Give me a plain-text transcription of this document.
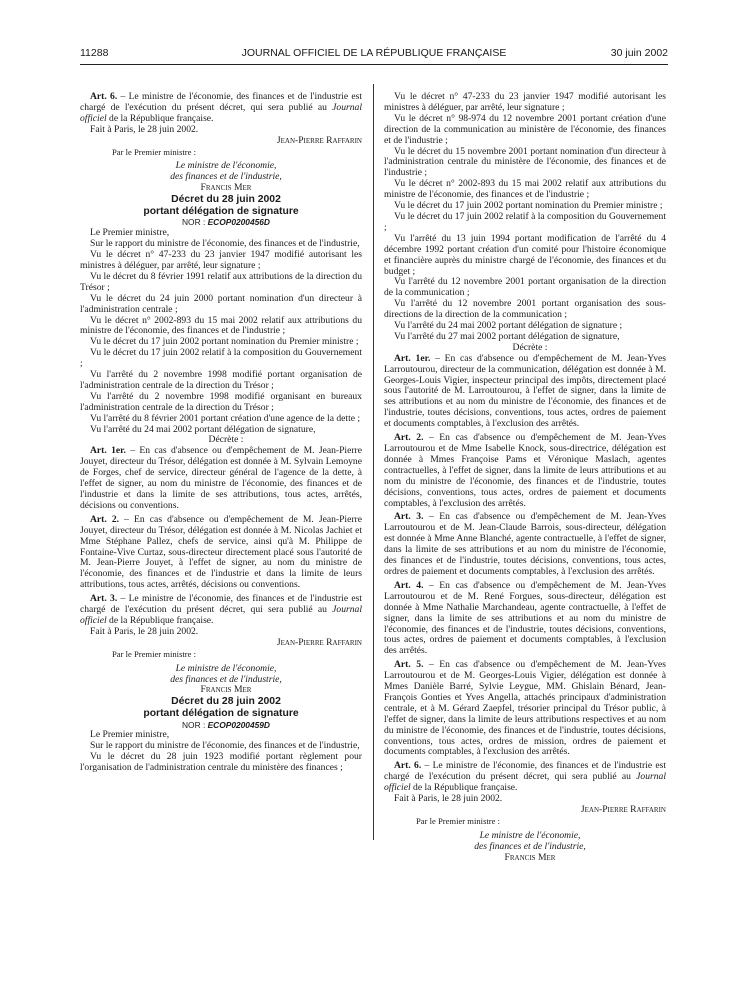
11288	JOURNAL OFFICIEL DE LA RÉPUBLIQUE FRANÇAISE	30 juin 2002

Art. 6. – Le ministre de l'économie, des finances et de l'industrie est chargé de l'exécution du présent décret, qui sera publié au Journal officiel de la République française.

Fait à Paris, le 28 juin 2002.

Jean-Pierre Raffarin

Par le Premier ministre :

Le ministre de l'économie,

des finances et de l'industrie,

Francis Mer

Décret du 28 juin 2002
portant délégation de signature

NOR : ECOP0200456D

Le Premier ministre,

Sur le rapport du ministre de l'économie, des finances et de l'industrie,

Vu le décret n° 47-233 du 23 janvier 1947 modifié autorisant les ministres à déléguer, par arrêté, leur signature ;

Vu le décret du 8 février 1991 relatif aux attributions de la direction du Trésor ;

Vu le décret du 24 juin 2000 portant nomination d'un directeur à l'administration centrale ;

Vu le décret n° 2002-893 du 15 mai 2002 relatif aux attributions du ministre de l'économie, des finances et de l'industrie ;

Vu le décret du 17 juin 2002 portant nomination du Premier ministre ;

Vu le décret du 17 juin 2002 relatif à la composition du Gouvernement ;

Vu l'arrêté du 2 novembre 1998 modifié portant organisation de l'administration centrale de la direction du Trésor ;

Vu l'arrêté du 2 novembre 1998 modifié organisant en bureaux l'administration centrale de la direction du Trésor ;

Vu l'arrêté du 8 février 2001 portant création d'une agence de la dette ;

Vu l'arrêté du 24 mai 2002 portant délégation de signature,

Décrète :

Art. 1er. – En cas d'absence ou d'empêchement de M. Jean-Pierre Jouyet, directeur du Trésor, délégation est donnée à M. Sylvain Lemoyne de Forges, chef de service, directeur général de l'agence de la dette, à l'effet de signer, au nom du ministre de l'économie, des finances et de l'industrie et dans la limite de ses attributions, tous actes, arrêtés, décisions ou conventions.

Art. 2. – En cas d'absence ou d'empêchement de M. Jean-Pierre Jouyet, directeur du Trésor, délégation est donnée à M. Nicolas Jachiet et Mme Stéphane Pallez, chefs de service, ainsi qu'à M. Philippe de Fontaine-Vive Curtaz, sous-directeur directement placé sous l'autorité de M. Jean-Pierre Jouyet, à l'effet de signer, au nom du ministre de l'économie, des finances et de l'industrie et dans la limite de leurs attributions, tous actes, arrêtés, décisions ou conventions.

Art. 3. – Le ministre de l'économie, des finances et de l'industrie est chargé de l'exécution du présent décret, qui sera publié au Journal officiel de la République française.

Fait à Paris, le 28 juin 2002.

Jean-Pierre Raffarin

Par le Premier ministre :

Le ministre de l'économie,

des finances et de l'industrie,

Francis Mer

Décret du 28 juin 2002
portant délégation de signature

NOR : ECOP0200459D

Le Premier ministre,

Sur le rapport du ministre de l'économie, des finances et de l'industrie,

Vu le décret du 28 juin 1923 modifié portant règlement pour l'organisation de l'administration centrale du ministère des finances ;

Vu le décret n° 47-233 du 23 janvier 1947 modifié autorisant les ministres à déléguer, par arrêté, leur signature ;

Vu le décret n° 98-974 du 12 novembre 2001 portant création d'une direction de la communication au ministère de l'économie, des finances et de l'industrie ;

Vu le décret du 15 novembre 2001 portant nomination d'un directeur à l'administration centrale du ministère de l'économie, des finances et de l'industrie ;

Vu le décret n° 2002-893 du 15 mai 2002 relatif aux attributions du ministre de l'économie, des finances et de l'industrie ;

Vu le décret du 17 juin 2002 portant nomination du Premier ministre ;

Vu le décret du 17 juin 2002 relatif à la composition du Gouvernement ;

Vu l'arrêté du 13 juin 1994 portant modification de l'arrêté du 4 décembre 1992 portant création d'un comité pour l'histoire économique et financière auprès du ministre chargé de l'économie, des finances et du budget ;

Vu l'arrêté du 12 novembre 2001 portant organisation de la direction de la communication ;

Vu l'arrêté du 12 novembre 2001 portant organisation des sous-directions de la direction de la communication ;

Vu l'arrêté du 24 mai 2002 portant délégation de signature ;

Vu l'arrêté du 27 mai 2002 portant délégation de signature,

Décrète :

Art. 1er. – En cas d'absence ou d'empêchement de M. Jean-Yves Larroutourou, directeur de la communication, délégation est donnée à M. Georges-Louis Vigier, inspecteur principal des impôts, directement placé sous l'autorité de M. Larroutourou, à l'effet de signer, dans la limite de ses attributions et au nom du ministre de l'économie, des finances et de l'industrie, toutes décisions, conventions, tous actes, ordres de paiement et documents comptables, à l'exclusion des arrêtés.

Art. 2. – En cas d'absence ou d'empêchement de M. Jean-Yves Larroutourou et de Mme Isabelle Knock, sous-directrice, délégation est donnée à Mmes Françoise Pams et Véronique Maslach, agentes contractuelles, à l'effet de signer, dans la limite de leurs attributions et au nom du ministre de l'économie, des finances et de l'industrie, toutes décisions, conventions, tous actes, ordres de paiement et documents comptables, à l'exclusion des arrêtés.

Art. 3. – En cas d'absence ou d'empêchement de M. Jean-Yves Larroutourou et de M. Jean-Claude Barrois, sous-directeur, délégation est donnée à Mme Anne Blanché, agente contractuelle, à l'effet de signer, dans la limite de ses attributions et au nom du ministre de l'économie, des finances et de l'industrie, toutes décisions, conventions, tous actes, ordres de paiement et documents comptables, à l'exclusion des arrêtés.

Art. 4. – En cas d'absence ou d'empêchement de M. Jean-Yves Larroutourou et de M. René Forgues, sous-directeur, délégation est donnée à Mme Nathalie Marchandeau, agente contractuelle, à l'effet de signer, dans la limite de ses attributions et au nom du ministre de l'économie, des finances et de l'industrie, toutes décisions, conventions, tous actes, ordres de paiement et documents comptables, à l'exclusion des arrêtés.

Art. 5. – En cas d'absence ou d'empêchement de M. Jean-Yves Larroutourou et de M. Georges-Louis Vigier, délégation est donnée à Mmes Danièle Barré, Sylvie Leygue, MM. Ghislain Bénard, Jean-François Gonties et Yves Angella, attachés principaux d'administration centrale, et à M. Gérard Zaepfel, trésorier principal du Trésor public, à l'effet de signer, dans la limite de leurs attributions respectives et au nom du ministre de l'économie, des finances et de l'industrie, toutes décisions, conventions, tous actes, ordres de mission, ordres de paiement et documents comptables, à l'exclusion des arrêtés.

Art. 6. – Le ministre de l'économie, des finances et de l'industrie est chargé de l'exécution du présent décret, qui sera publié au Journal officiel de la République française.

Fait à Paris, le 28 juin 2002.

Jean-Pierre Raffarin

Par le Premier ministre :

Le ministre de l'économie,

des finances et de l'industrie,

Francis Mer
